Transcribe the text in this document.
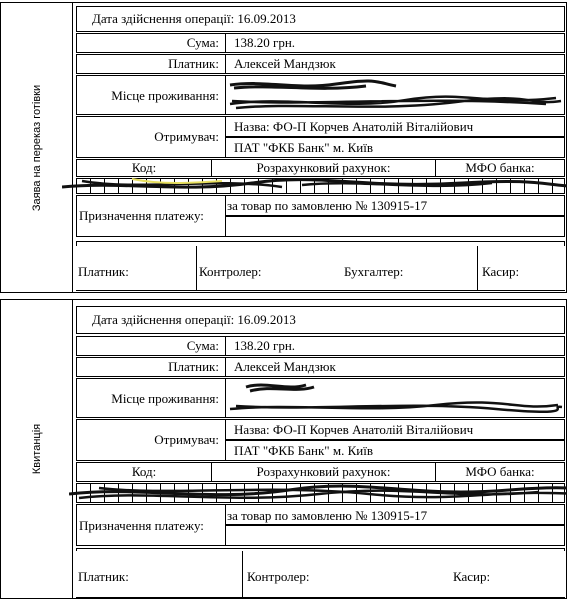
Заява на переказ готівки
Дата здійснення операції: 16.09.2013
Сума: 138.20 грн.
Платник: Алексей Мандзюк
Місце проживання:
Отримувач:
Назва: ФО-П Корчев Анатолій Віталійович
ПАТ "ФКБ Банк" м. Київ
Код:	Розрахунковий рахунок:	МФО банка:
Призначення платежу:
за товар по замовленю № 130915-17
Платник:	Контролер:	Бухгалтер:	Касир:
Квитанція
Дата здійснення операції: 16.09.2013
Сума: 138.20 грн.
Платник: Алексей Мандзюк
Місце проживання:
Отримувач:
Назва: ФО-П Корчев Анатолій Віталійович
ПАТ "ФКБ Банк" м. Київ
Код:	Розрахунковий рахунок:	МФО банка:
Призначення платежу:
за товар по замовленю № 130915-17
Платник:	Контролер:	Касир:
